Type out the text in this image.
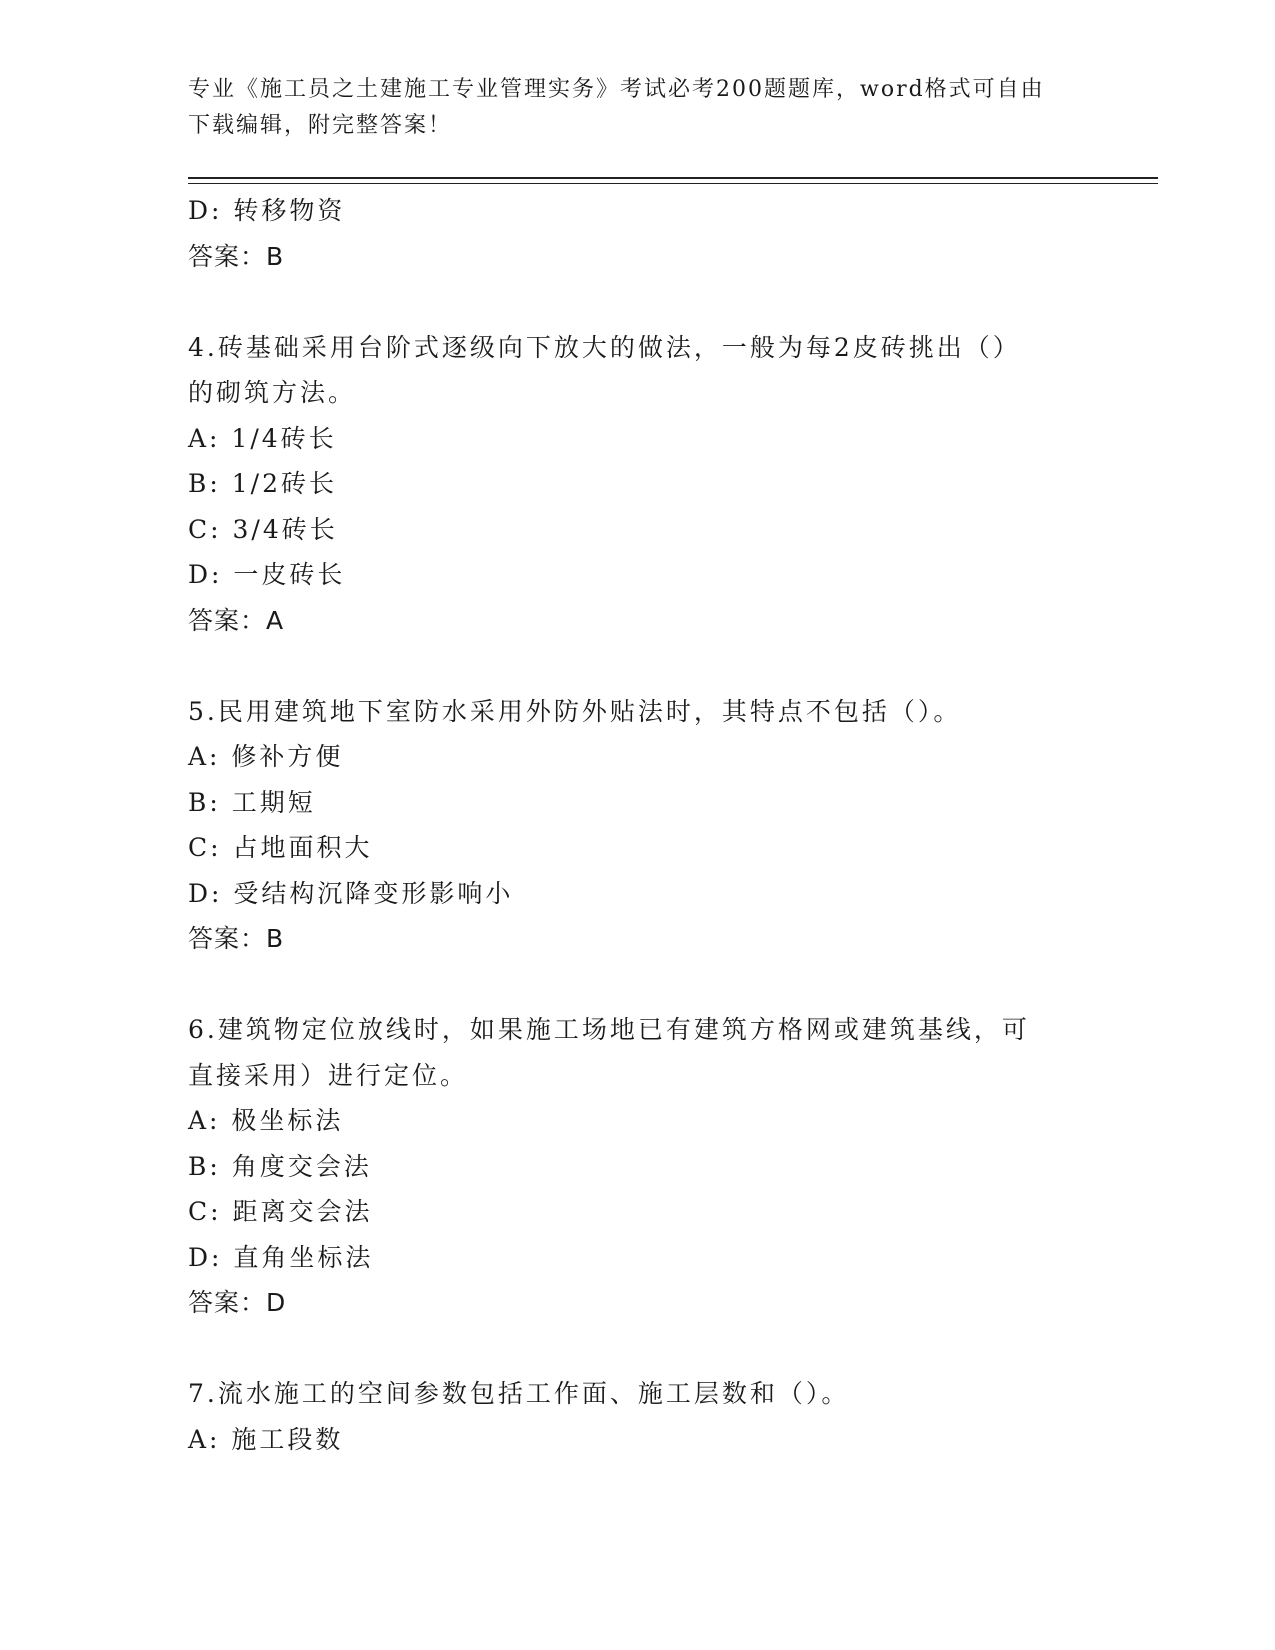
专业《施工员之土建施工专业管理实务》考试必考200题题库，word格式可自由
下载编辑，附完整答案！
D: 转移物资
答案：B
4.砖基础采用台阶式逐级向下放大的做法，一般为每2皮砖挑出（）
的砌筑方法。
A: 1/4砖长
B: 1/2砖长
C: 3/4砖长
D: 一皮砖长
答案：A
5.民用建筑地下室防水采用外防外贴法时，其特点不包括（）。
A: 修补方便
B: 工期短
C: 占地面积大
D: 受结构沉降变形影响小
答案：B
6.建筑物定位放线时，如果施工场地已有建筑方格网或建筑基线，可
直接采用）进行定位。
A: 极坐标法
B: 角度交会法
C: 距离交会法
D: 直角坐标法
答案：D
7.流水施工的空间参数包括工作面、施工层数和（）。
A: 施工段数
